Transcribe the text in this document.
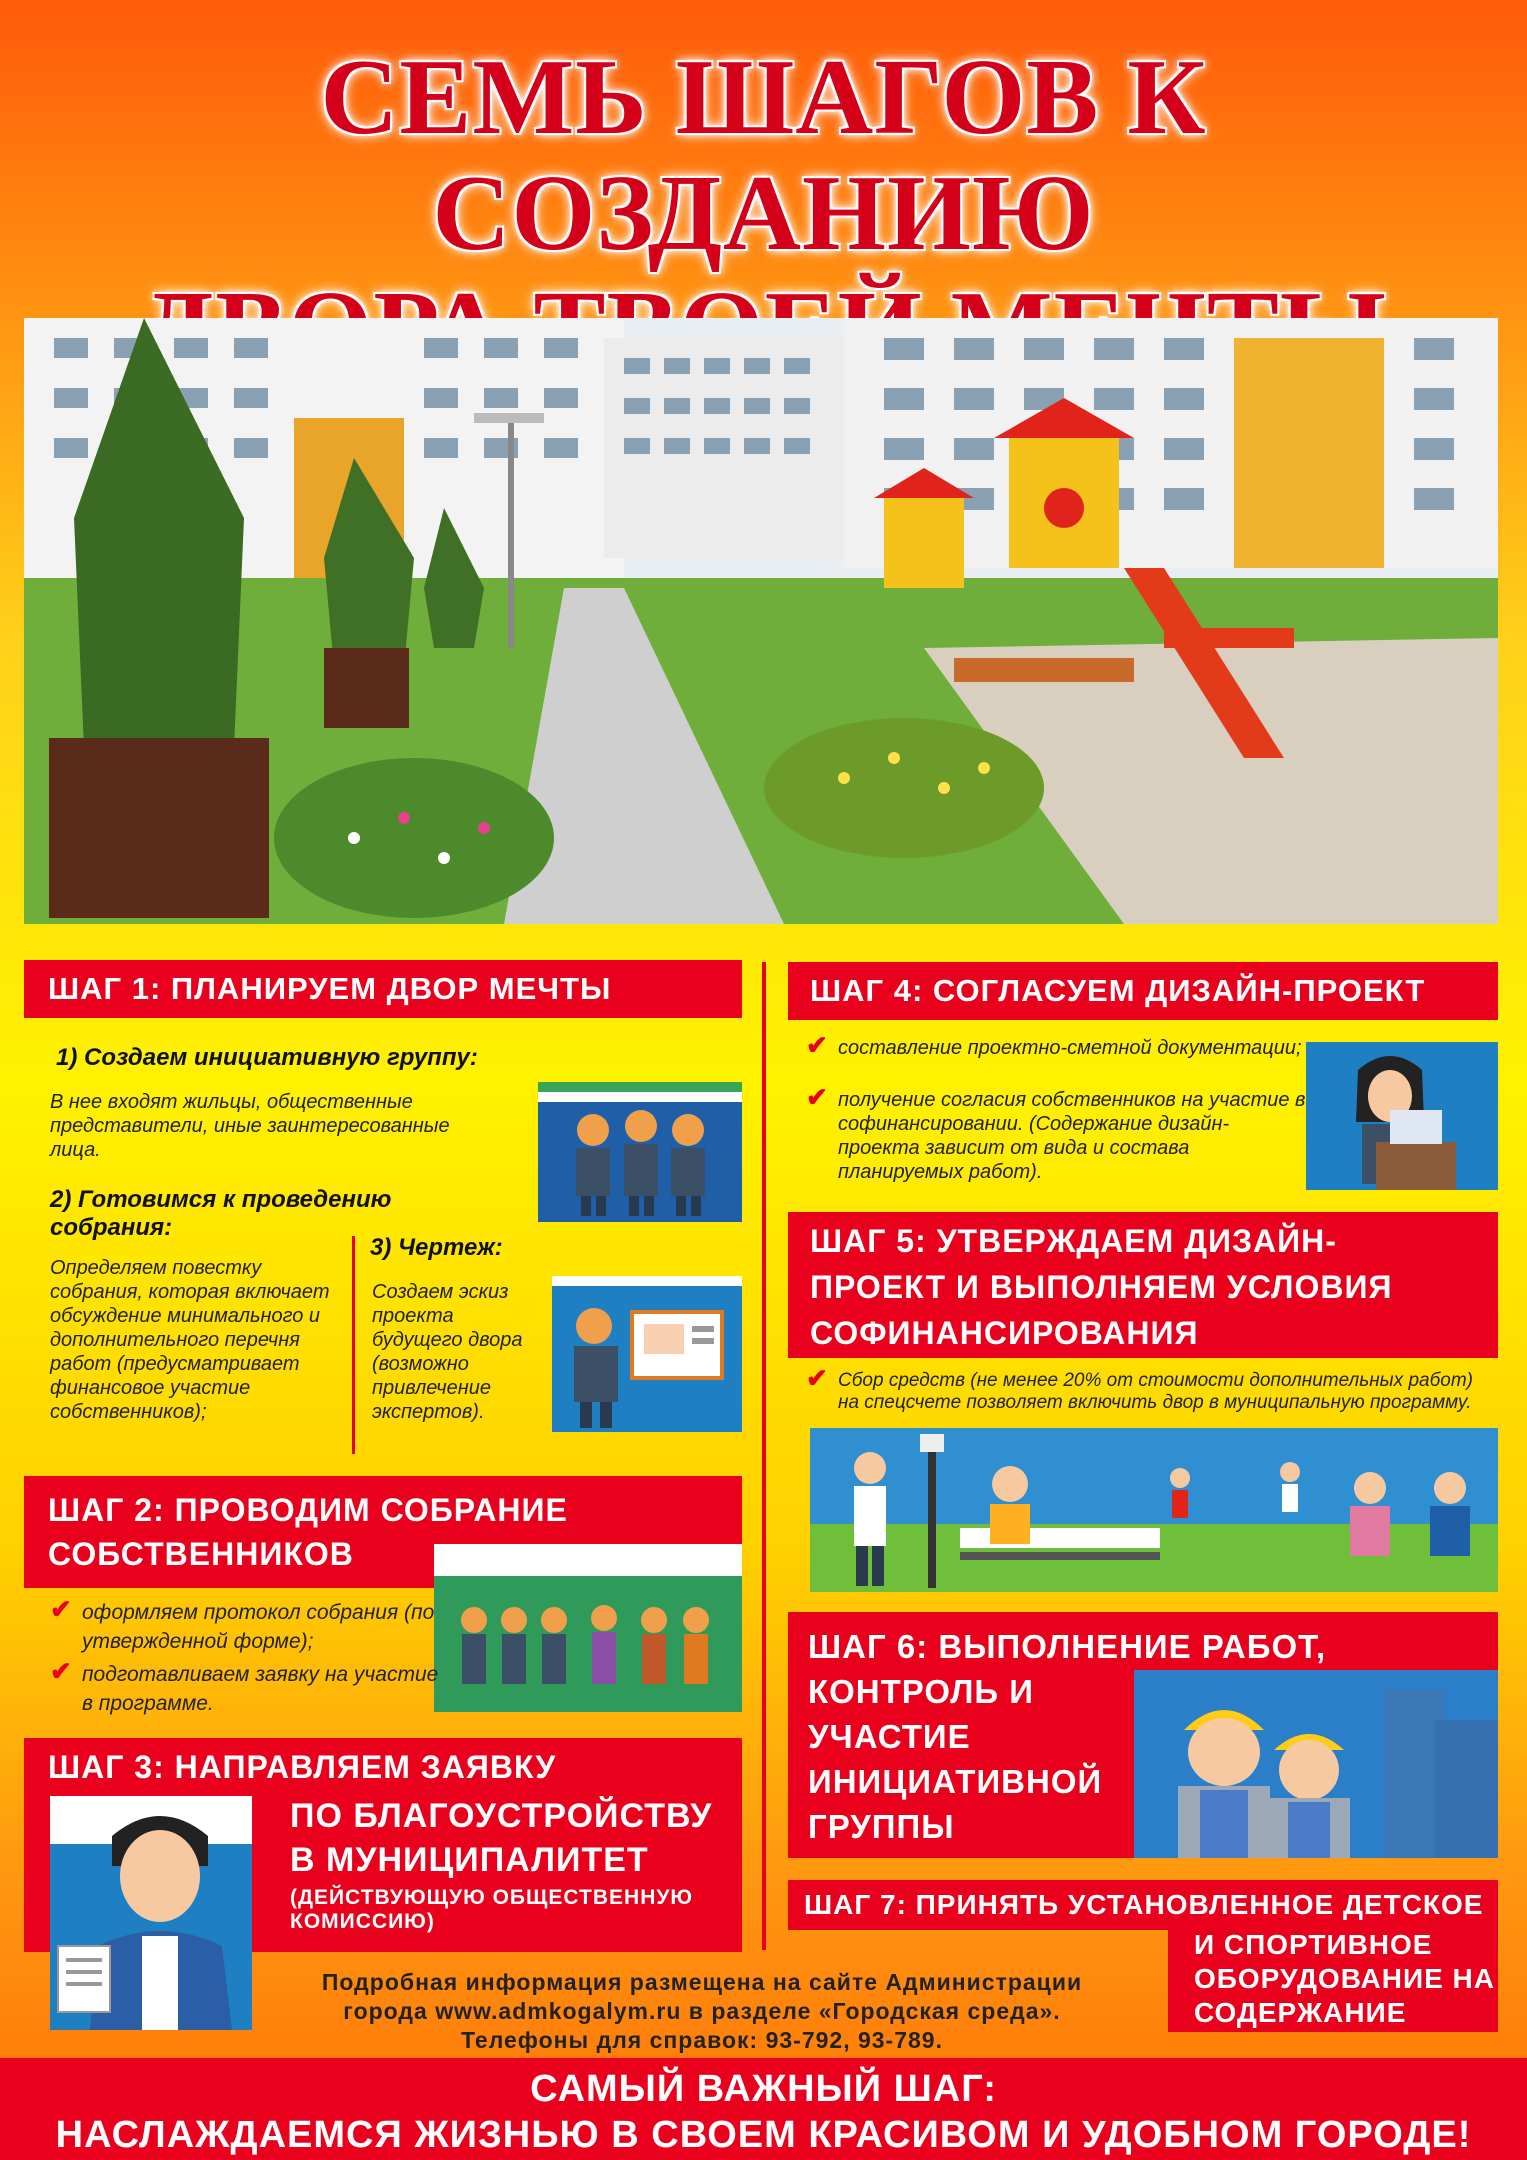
СЕМЬ ШАГОВ К СОЗДАНИЮ
ШАГ 1: ПЛАНИРУЕМ ДВОР МЕЧТЫ
1) Создаем инициативную группу:
В нее входят жильцы, общественные представители, иные заинтересованные лица.
2) Готовимся к проведению собрания:
Определяем повестку собрания, которая включает обсуждение минимального и дополнительного перечня работ (предусматривает финансовое участие собственников);
3) Чертеж:
Создаем эскиз проекта будущего двора (возможно привлечение экспертов).
ШАГ 2: ПРОВОДИМ СОБРАНИЕ
СОБСТВЕННИКОВ
✔ оформляем протокол собрания (по утвержденной форме);
✔ подготавливаем заявку на участие в программе.
ШАГ 3: НАПРАВЛЯЕМ ЗАЯВКУ
ПО БЛАГОУСТРОЙСТВУ
В МУНИЦИПАЛИТЕТ
(ДЕЙСТВУЮЩУЮ ОБЩЕСТВЕННУЮ КОМИССИЮ)
ШАГ 4: СОГЛАСУЕМ ДИЗАЙН-ПРОЕКТ
✔ составление проектно-сметной документации;
✔ получение согласия собственников на участие в софинансировании. (Содержание дизайн-проекта зависит от вида и состава планируемых работ).
ШАГ 5: УТВЕРЖДАЕМ ДИЗАЙН-
ПРОЕКТ И ВЫПОЛНЯЕМ УСЛОВИЯ
СОФИНАНСИРОВАНИЯ
✔ Сбор средств (не менее 20% от стоимости дополнительных работ) на спецсчете позволяет включить двор в муниципальную программу.
ШАГ 6: ВЫПОЛНЕНИЕ РАБОТ,
КОНТРОЛЬ И
УЧАСТИЕ
ИНИЦИАТИВНОЙ
ГРУППЫ
ШАГ 7: ПРИНЯТЬ УСТАНОВЛЕННОЕ ДЕТСКОЕ
И СПОРТИВНОЕ
ОБОРУДОВАНИЕ НА
СОДЕРЖАНИЕ
Подробная информация размещена на сайте Администрации
города www.admkogalym.ru в разделе «Городская среда».
Телефоны для справок: 93-792, 93-789.
САМЫЙ ВАЖНЫЙ ШАГ:
НАСЛАЖДАЕМСЯ ЖИЗНЬЮ В СВОЕМ КРАСИВОМ И УДОБНОМ ГОРОДЕ!
